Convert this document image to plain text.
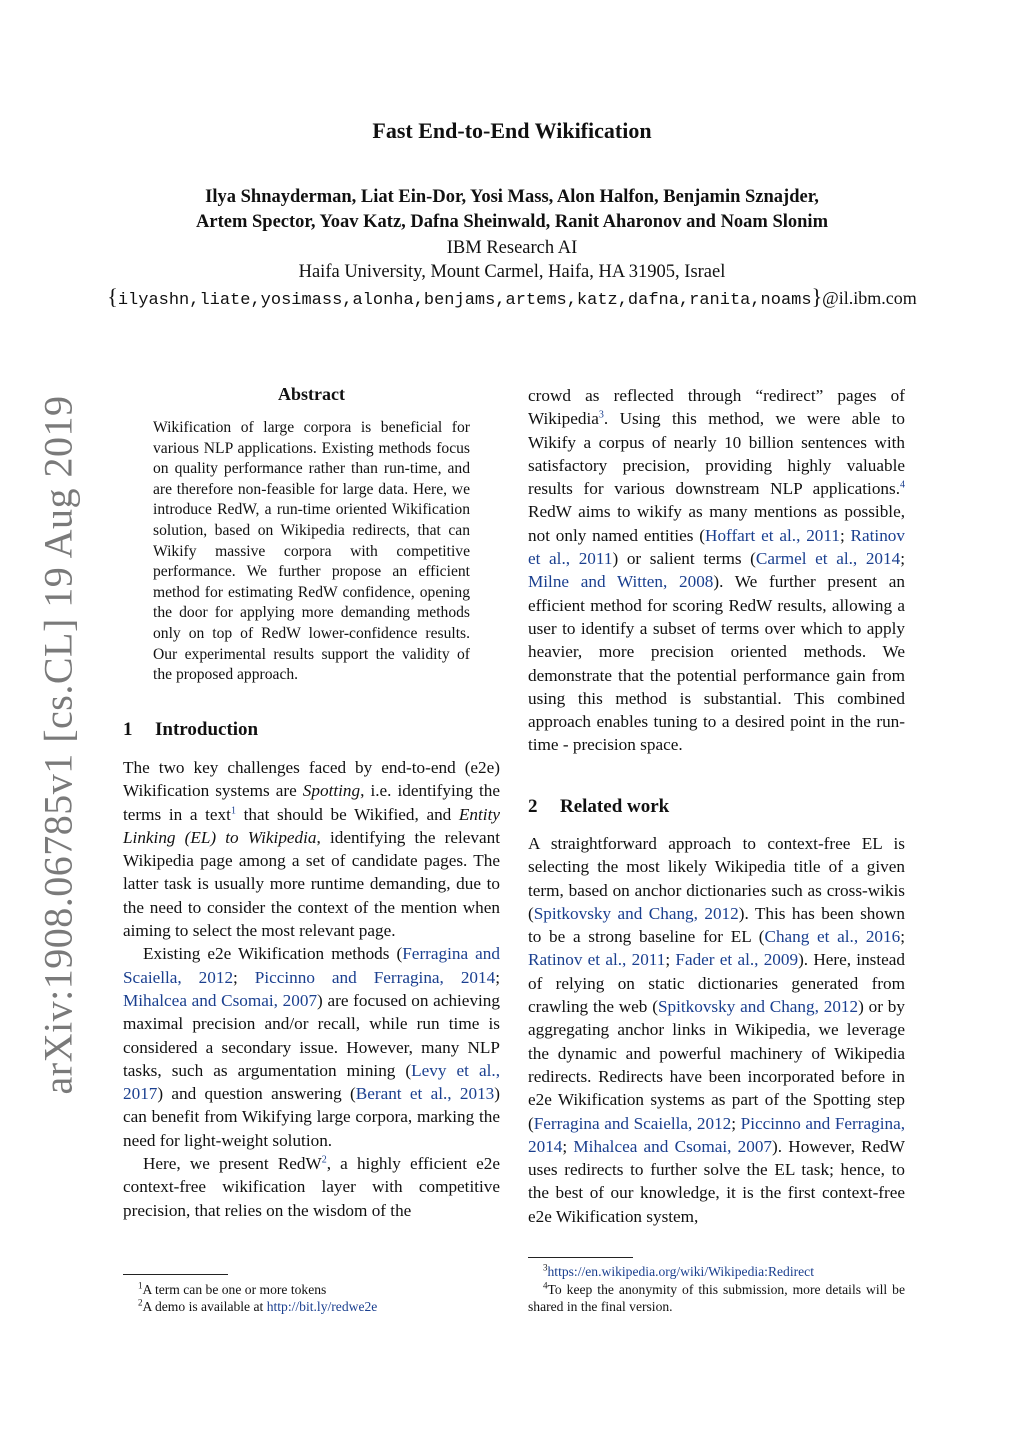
arXiv:1908.06785v1 [cs.CL] 19 Aug 2019
Fast End-to-End Wikification
Ilya Shnayderman, Liat Ein-Dor, Yosi Mass, Alon Halfon, Benjamin Sznajder,
Artem Spector, Yoav Katz, Dafna Sheinwald, Ranit Aharonov and Noam Slonim
IBM Research AI
Haifa University, Mount Carmel, Haifa, HA 31905, Israel
{ilyashn,liate,yosimass,alonha,benjams,artems,katz,dafna,ranita,noams}@il.ibm.com
Abstract
Wikification of large corpora is beneficial for various NLP applications. Existing methods focus on quality performance rather than run-time, and are therefore non-feasible for large data. Here, we introduce RedW, a run-time oriented Wikification solution, based on Wikipedia redirects, that can Wikify massive corpora with competitive performance. We further propose an efficient method for estimating RedW confidence, opening the door for applying more demanding methods only on top of RedW lower-confidence results. Our experimental results support the validity of the proposed approach.
1 Introduction

The two key challenges faced by end-to-end (e2e) Wikification systems are Spotting, i.e. identifying the terms in a text$^1$ that should be Wikified, and Entity Linking (EL) to Wikipedia, identifying the relevant Wikipedia page among a set of candidate pages. The latter task is usually more runtime demanding, due to the need to consider the context of the mention when aiming to select the most relevant page.

Existing e2e Wikification methods (Ferragina and Scaiella, 2012; Piccinno and Ferragina, 2014; Mihalcea and Csomai, 2007) are focused on achieving maximal precision and/or recall, while run time is considered a secondary issue. However, many NLP tasks, such as argumentation mining (Levy et al., 2017) and question answering (Berant et al., 2013) can benefit from Wikifying large corpora, marking the need for light-weight solution.

Here, we present RedW$^2$, a highly efficient e2e context-free wikification layer with competitive precision, that relies on the wisdom of the

$^1$A term can be one or more tokens
$^2$A demo is available at http://bit.ly/redwe2e

crowd as reflected through “redirect” pages of Wikipedia$^3$. Using this method, we were able to Wikify a corpus of nearly 10 billion sentences with satisfactory precision, providing highly valuable results for various downstream NLP applications.$^4$ RedW aims to wikify as many mentions as possible, not only named entities (Hoffart et al., 2011; Ratinov et al., 2011) or salient terms (Carmel et al., 2014; Milne and Witten, 2008). We further present an efficient method for scoring RedW results, allowing a user to identify a subset of terms over which to apply heavier, more precision oriented methods. We demonstrate that the potential performance gain from using this method is substantial. This combined approach enables tuning to a desired point in the run-time - precision space.

2 Related work

A straightforward approach to context-free EL is selecting the most likely Wikipedia title of a given term, based on anchor dictionaries such as cross-wikis (Spitkovsky and Chang, 2012). This has been shown to be a strong baseline for EL (Chang et al., 2016; Ratinov et al., 2011; Fader et al., 2009). Here, instead of relying on static dictionaries generated from crawling the web (Spitkovsky and Chang, 2012) or by aggregating anchor links in Wikipedia, we leverage the dynamic and powerful machinery of Wikipedia redirects. Redirects have been incorporated before in e2e Wikification systems as part of the Spotting step (Ferragina and Scaiella, 2012; Piccinno and Ferragina, 2014; Mihalcea and Csomai, 2007). However, RedW uses redirects to further solve the EL task; hence, to the best of our knowledge, it is the first context-free e2e Wikification system,

$^3$https://en.wikipedia.org/wiki/Wikipedia:Redirect
$^4$To keep the anonymity of this submission, more details will be shared in the final version.
